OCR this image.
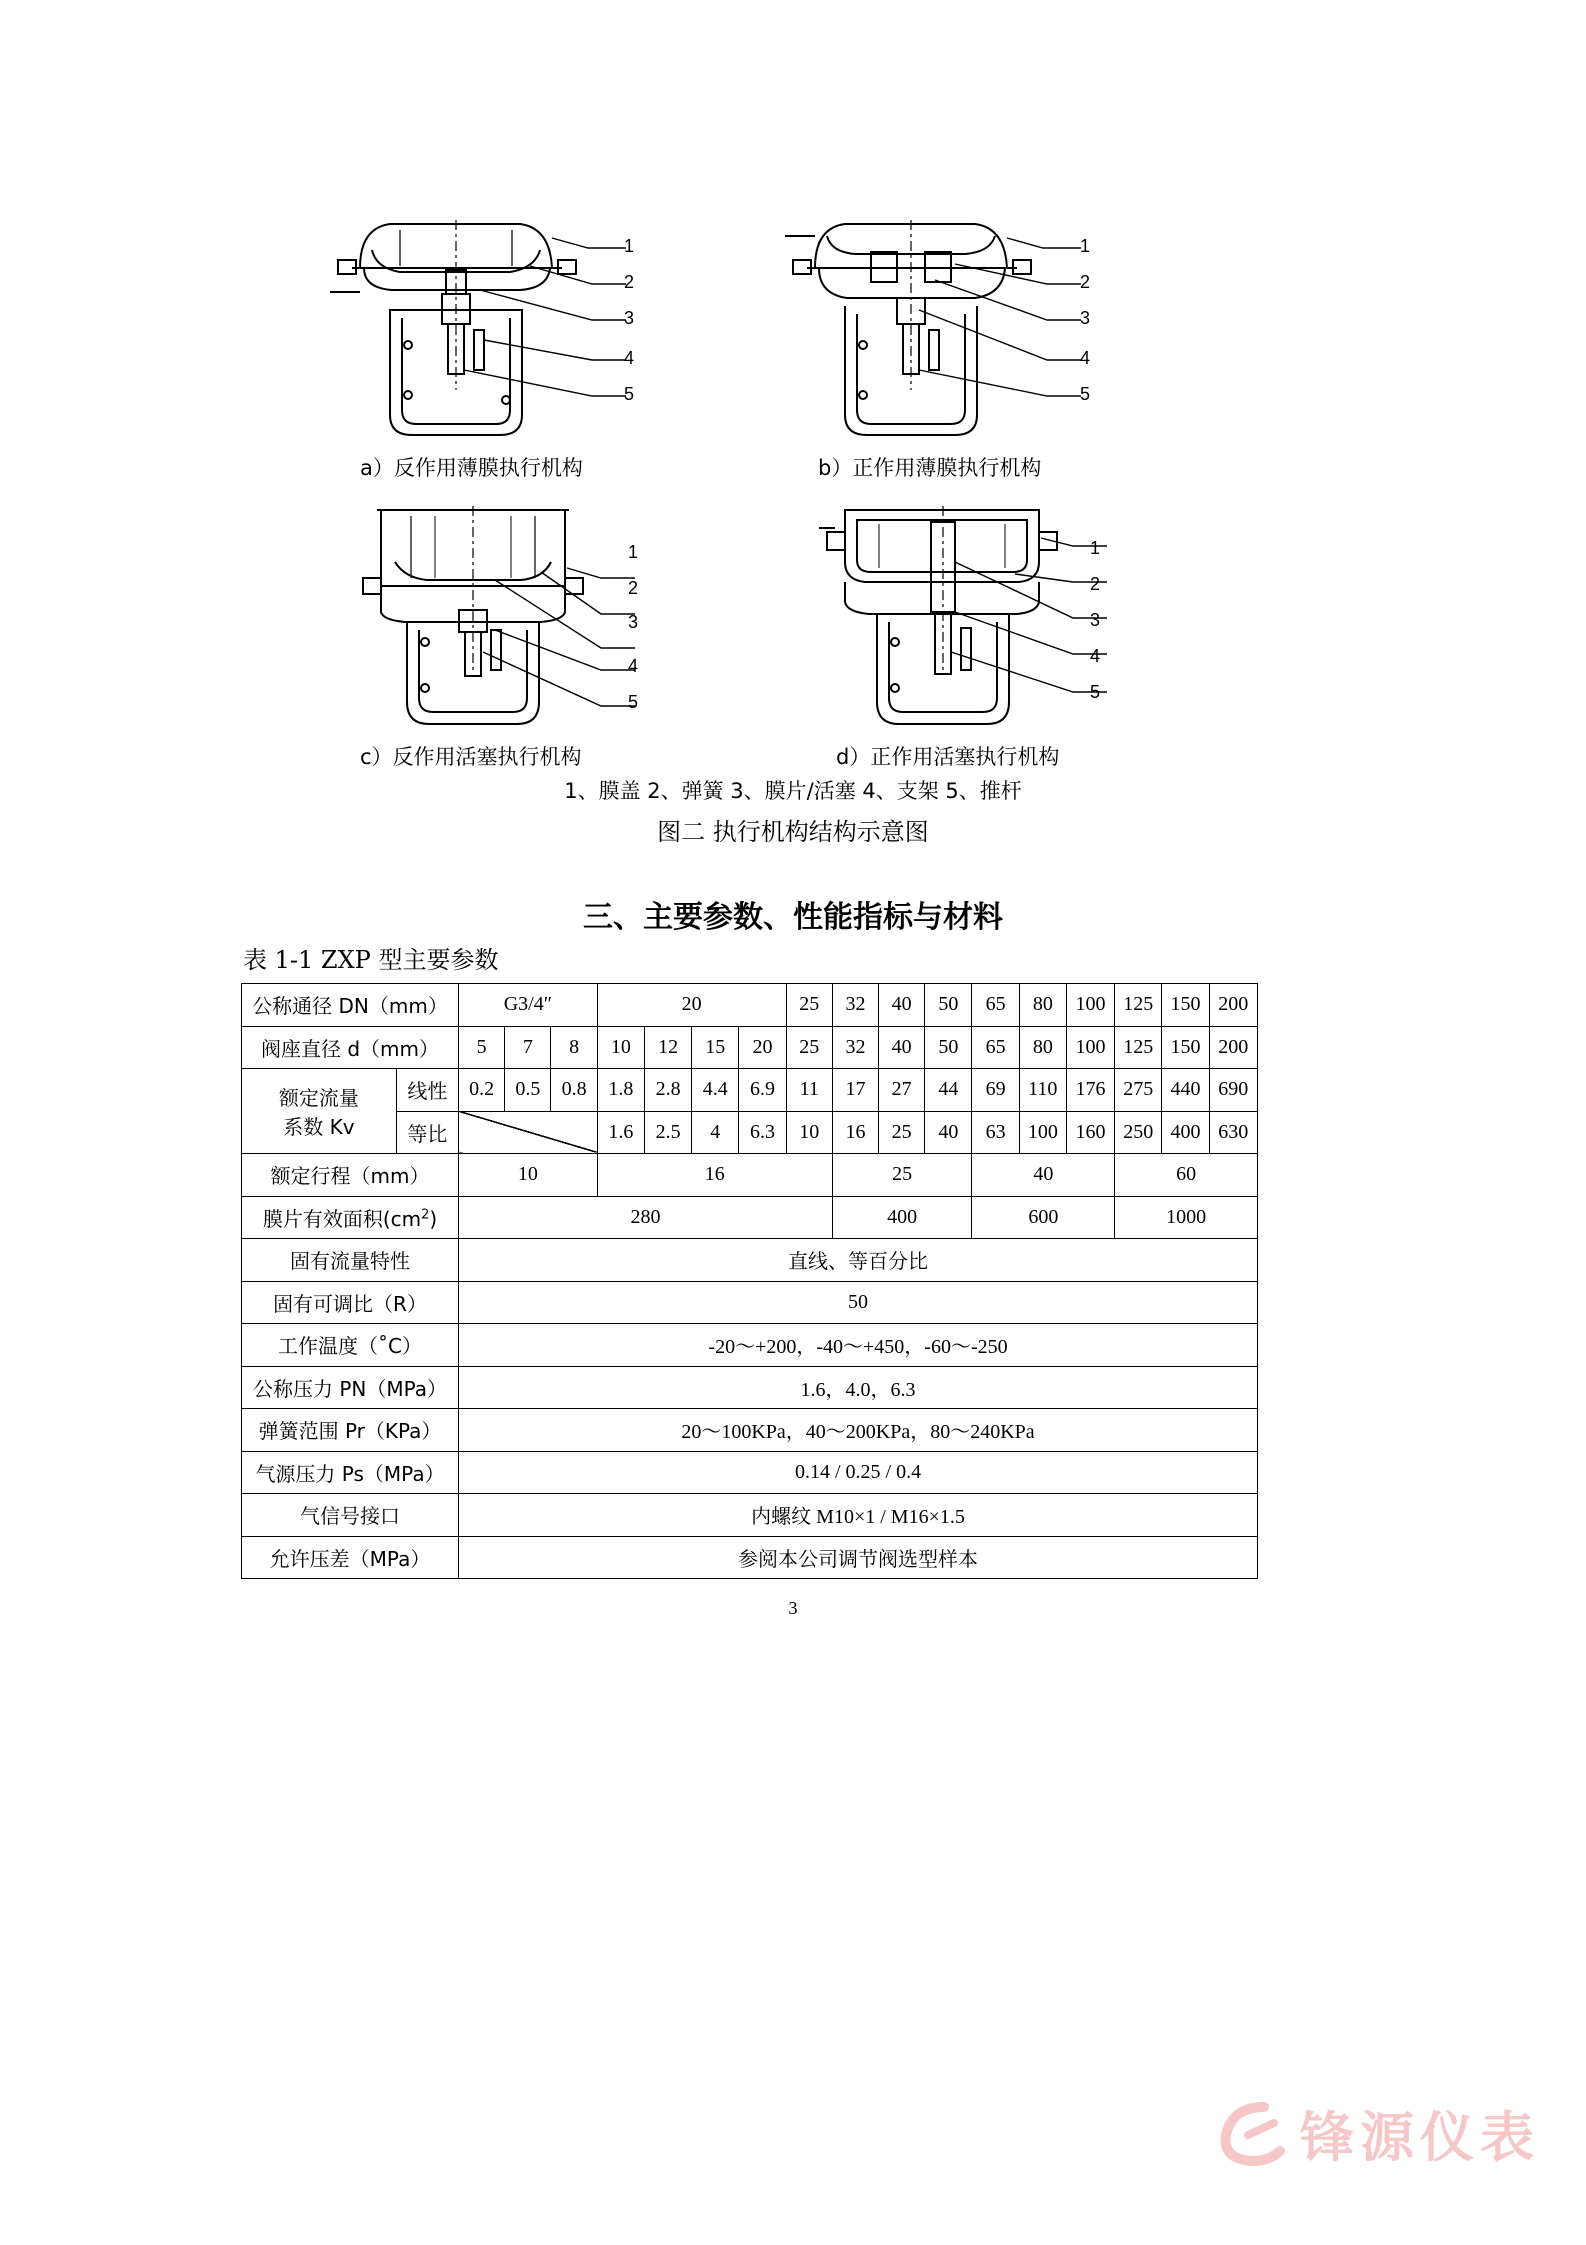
1
2
3
4
5
a）反作用薄膜执行机构
1
2
3
4
5
b）正作用薄膜执行机构
1
2
3
4
5
c）反作用活塞执行机构
1
2
3
4
5
d）正作用活塞执行机构
1、膜盖 2、弹簧 3、膜片/活塞 4、支架 5、推杆
图二 执行机构结构示意图
三、主要参数、性能指标与材料
表 1-1 ZXP 型主要参数
公称通径 DN（mm）		G3/4″			20				25	32	40	50	65	80	100	125	150	200
阀座直径 d（mm）		5	7	8	10	12	15	20	25	32	40	50	65	80	100	125	150	200

额定流量
系数 Kv	线性	0.2	0.5	0.8	1.8	2.8	4.4	6.9	11	17	27	44	69	110	176	275	440	690
	等比				1.6	2.5	4	6.3	10	16	25	40	63	100	160	250	400	630
额定行程（mm）		10			16					25			40			60		
膜片有效面积$(cm^2)$		280								400			600			1000		
固有流量特性		直线、等百分比																
固有可调比（R）		50																
工作温度（˚C）		-20～+200，-40～+450，-60～-250																
公称压力 PN（MPa）		1.6，4.0，6.3																
弹簧范围 Pr（KPa）		20～100KPa，40～200KPa，80～240KPa																
气源压力 Ps（MPa）		0.14 / 0.25 / 0.4																
气信号接口		内螺纹 M10×1 / M16×1.5																
允许压差（MPa）		参阅本公司调节阀选型样本																
3
锋源仪表
